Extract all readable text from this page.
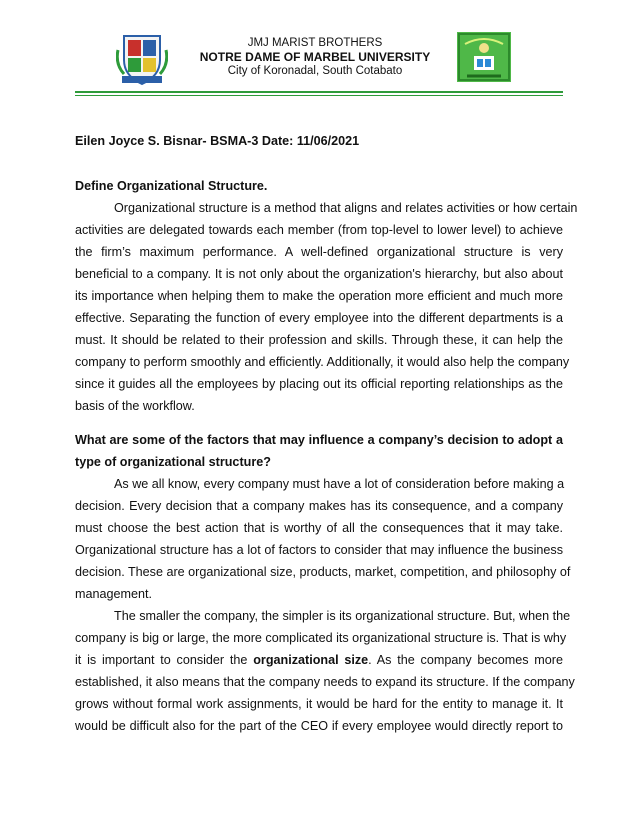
JMJ MARIST BROTHERS
NOTRE DAME OF MARBEL UNIVERSITY
City of Koronadal, South Cotabato
Eilen Joyce S. Bisnar- BSMA-3 Date: 11/06/2021
Define Organizational Structure.
Organizational structure is a method that aligns and relates activities or how certain
activities are delegated towards each member (from top-level to lower level) to achieve
the firm’s maximum performance. A well-defined organizational structure is very
beneficial to a company. It is not only about the organization's hierarchy, but also about
its importance when helping them to make the operation more efficient and much more
effective. Separating the function of every employee into the different departments is a
must. It should be related to their profession and skills. Through these, it can help the
company to perform smoothly and efficiently. Additionally, it would also help the company
since it guides all the employees by placing out its official reporting relationships as the
basis of the workflow.
What are some of the factors that may influence a company’s decision to adopt a
type of organizational structure?
As we all know, every company must have a lot of consideration before making a
decision. Every decision that a company makes has its consequence, and a company
must choose the best action that is worthy of all the consequences that it may take.
Organizational structure has a lot of factors to consider that may influence the business
decision. These are organizational size, products, market, competition, and philosophy of
management.
The smaller the company, the simpler is its organizational structure. But, when the
company is big or large, the more complicated its organizational structure is. That is why
it is important to consider the organizational size. As the company becomes more
established, it also means that the company needs to expand its structure. If the company
grows without formal work assignments, it would be hard for the entity to manage it. It
would be difficult also for the part of the CEO if every employee would directly report to
